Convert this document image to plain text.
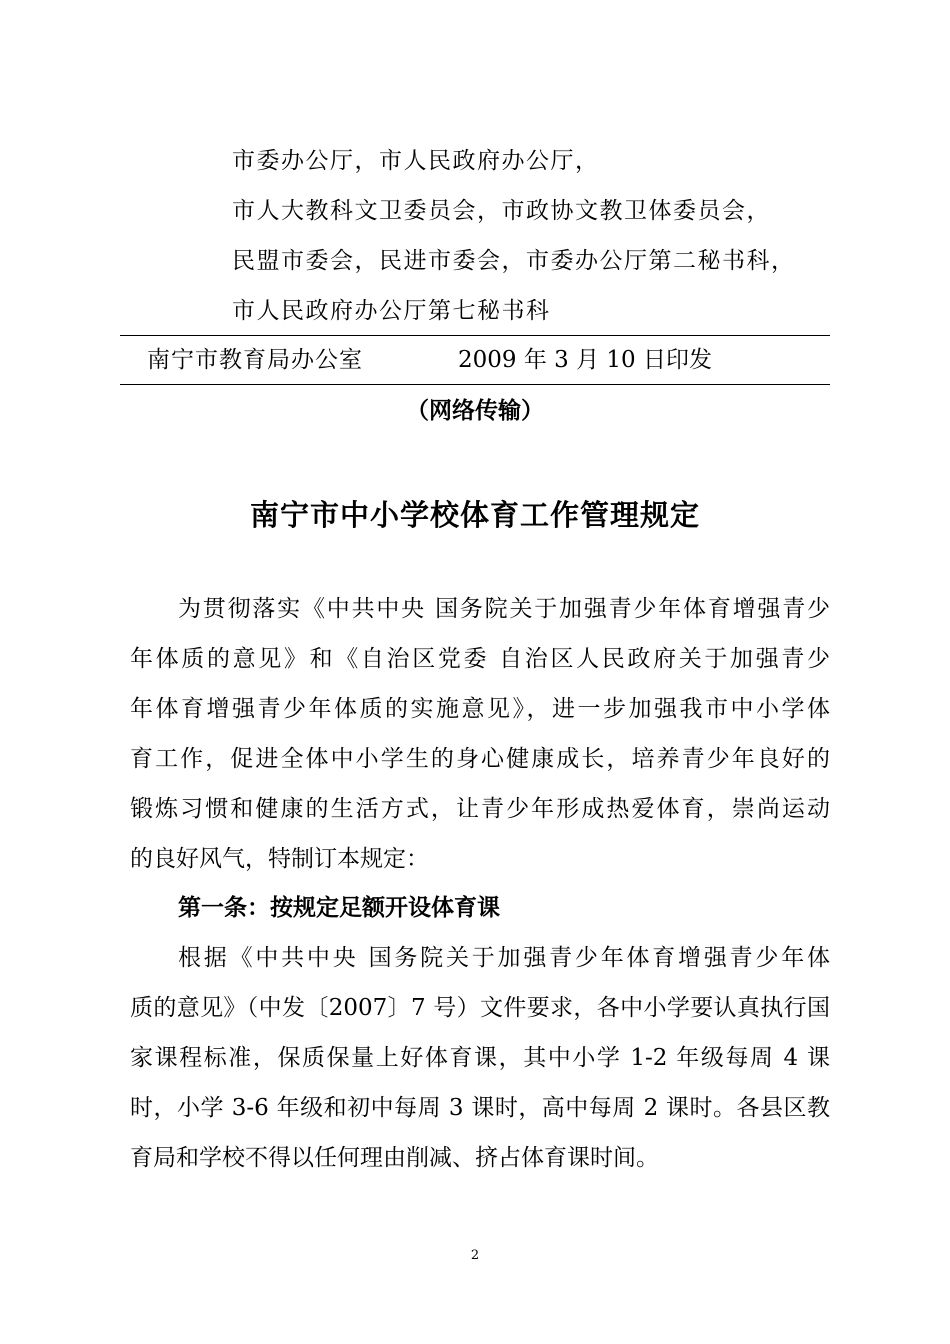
市委办公厅，市人民政府办公厅，
市人大教科文卫委员会，市政协文教卫体委员会，
民盟市委会，民进市委会，市委办公厅第二秘书科，
市人民政府办公厅第七秘书科
南宁市教育局办公室	2009 年 3 月 10 日印发
（网络传输）
南宁市中小学校体育工作管理规定
为贯彻落实《中共中央 国务院关于加强青少年体育增强青少
年体质的意见》和《自治区党委 自治区人民政府关于加强青少
年体育增强青少年体质的实施意见》，进一步加强我市中小学体
育工作，促进全体中小学生的身心健康成长，培养青少年良好的
锻炼习惯和健康的生活方式，让青少年形成热爱体育，崇尚运动
的良好风气，特制订本规定：
第一条：按规定足额开设体育课
根据《中共中央 国务院关于加强青少年体育增强青少年体
质的意见》（中发〔2007〕7 号）文件要求，各中小学要认真执行国
家课程标准，保质保量上好体育课，其中小学 1-2 年级每周 4 课
时，小学 3-6 年级和初中每周 3 课时，高中每周 2 课时。各县区教
育局和学校不得以任何理由削减、挤占体育课时间。
2
